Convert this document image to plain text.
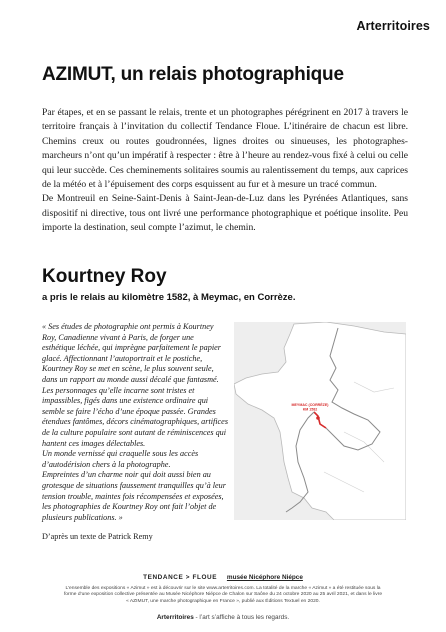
Arterritoires
AZIMUT, un relais photographique

Par étapes, et en se passant le relais, trente et un photographes pérégrinent en 2017 à travers le territoire français à l’invitation du collectif Tendance Floue. L’itinéraire de chacun est libre. Chemins creux ou routes goudronnées, lignes droites ou sinueuses, les photographes-marcheurs n’ont qu’un impératif à respecter : être à l’heure au rendez-vous fixé à celui ou celle qui leur succède. Ces cheminements solitaires soumis au ralentissement du temps, aux caprices de la météo et à l’épuisement des corps esquissent au fur et à mesure un tracé commun.

De Montreuil en Seine-Saint-Denis à Saint-Jean-de-Luz dans les Pyrénées Atlantiques, sans dispositif ni directive, tous ont livré une performance photographique et poétique insolite. Peu importe la destination, seul compte l’azimut, le chemin.

Kourtney Roy
a pris le relais au kilomètre 1582, à Meymac, en Corrèze.

« Ses études de photographie ont permis à Kourtney Roy, Canadienne vivant à Paris, de forger une esthétique léchée, qui imprègne parfaitement le papier glacé. Affectionnant l’autoportrait et le postiche, Kourtney Roy se met en scène, le plus souvent seule, dans un rapport au monde aussi décalé que fantasmé. Les personnages qu’elle incarne sont tristes et impassibles, figés dans une existence ordinaire qui semble se faire l’écho d’une époque passée. Grandes étendues fantômes, décors cinématographiques, artifices de la culture populaire sont autant de réminiscences qui hantent ces images délectables.

Un monde vernissé qui craquelle sous les accès d’autodérision chers à la photographe.

Empreintes d’un charme noir qui doit aussi bien au grotesque de situations faussement tranquilles qu’à leur tension trouble, maintes fois récompensées et exposées, les photographies de Kourtney Roy ont fait l’objet de plusieurs publications. »

D’après un texte de Patrick Remy
MEYMAC (CORRÈZE)
KM 1582
TENDANCE > FLOUE musée Nicéphore Niépce

L’ensemble des expositions « Azimut » est à découvrir sur le site www.arterritoires.com. La totalité de la marche « Azimut » a été restituée sous la forme d’une exposition collective présentée au Musée Nicéphore Niépce de Chalon sur Saône du 24 octobre 2020 au 25 avril 2021, et dans le livre « AZIMUT, une marche photographique en France », publié aux Éditions Textuel en 2020.

Arterritoires - l’art s’affiche à tous les regards.
